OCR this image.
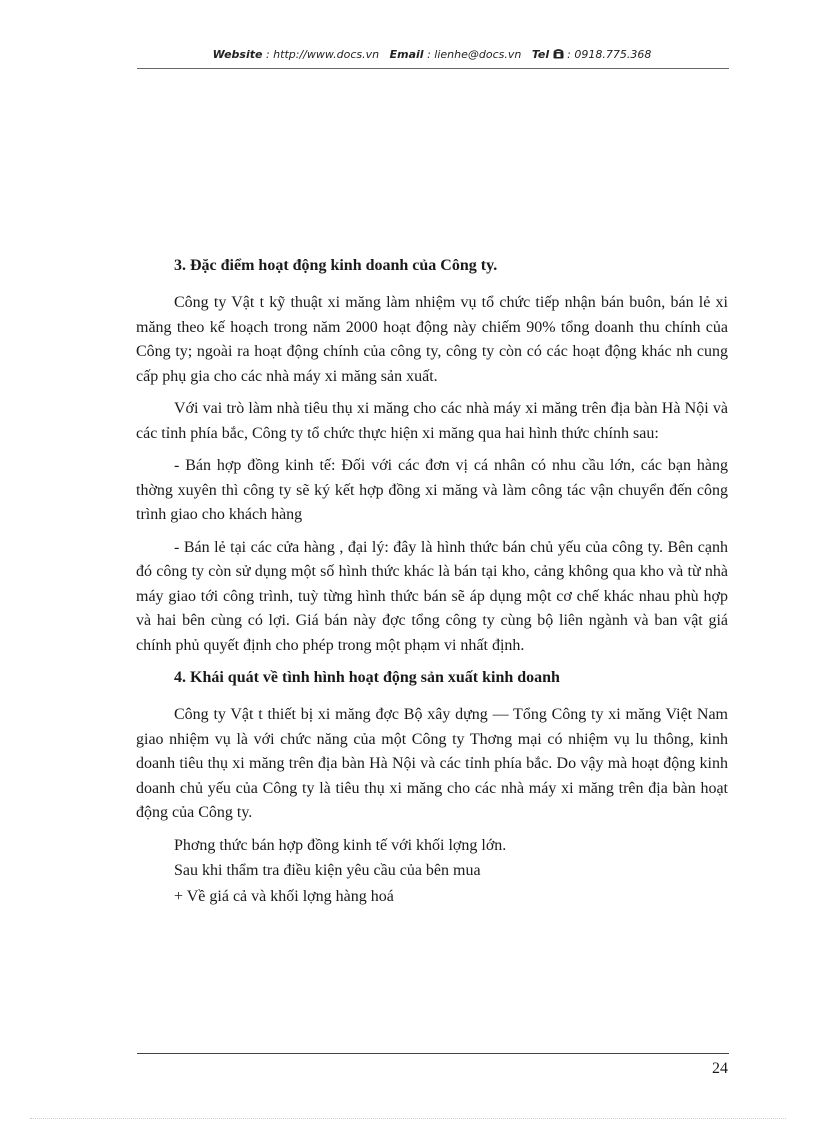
Website : http://www.docs.vn Email : lienhe@docs.vn Tel : 0918.775.368
3. Đặc điểm hoạt động kinh doanh của Công ty.

Công ty Vật t kỹ thuật xi măng làm nhiệm vụ tổ chức tiếp nhận bán buôn, bán lẻ xi măng theo kế hoạch trong năm 2000 hoạt động này chiếm 90% tổng doanh thu chính của Công ty; ngoài ra hoạt động chính của công ty, công ty còn có các hoạt động khác nh cung cấp phụ gia cho các nhà máy xi măng sản xuất.

Với vai trò làm nhà tiêu thụ xi măng cho các nhà máy xi măng trên địa bàn Hà Nội và các tỉnh phía bắc, Công ty tổ chức thực hiện xi măng qua hai hình thức chính sau:

- Bán hợp đồng kinh tế: Đối với các đơn vị cá nhân có nhu cầu lớn, các bạn hàng thờng xuyên thì công ty sẽ ký kết hợp đồng xi măng và làm công tác vận chuyển đến công trình giao cho khách hàng

- Bán lẻ tại các cửa hàng , đại lý: đây là hình thức bán chủ yếu của công ty. Bên cạnh đó công ty còn sử dụng một số hình thức khác là bán tại kho, cảng không qua kho và từ nhà máy giao tới công trình, tuỳ từng hình thức bán sẽ áp dụng một cơ chế khác nhau phù hợp và hai bên cùng có lợi. Giá bán này đợc tổng công ty cùng bộ liên ngành và ban vật giá chính phủ quyết định cho phép trong một phạm vi nhất định.

4. Khái quát về tình hình hoạt động sản xuất kinh doanh

Công ty Vật t thiết bị xi măng đợc Bộ xây dựng — Tổng Công ty xi măng Việt Nam giao nhiệm vụ là với chức năng của một Công ty Thơng mại có nhiệm vụ lu thông, kinh doanh tiêu thụ xi măng trên địa bàn Hà Nội và các tỉnh phía bắc. Do vậy mà hoạt động kinh doanh chủ yếu của Công ty là tiêu thụ xi măng cho các nhà máy xi măng trên địa bàn hoạt động của Công ty.

Phơng thức bán hợp đồng kinh tế với khối lợng lớn.

Sau khi thẩm tra điều kiện yêu cầu của bên mua

+ Về giá cả và khối lợng hàng hoá

24
